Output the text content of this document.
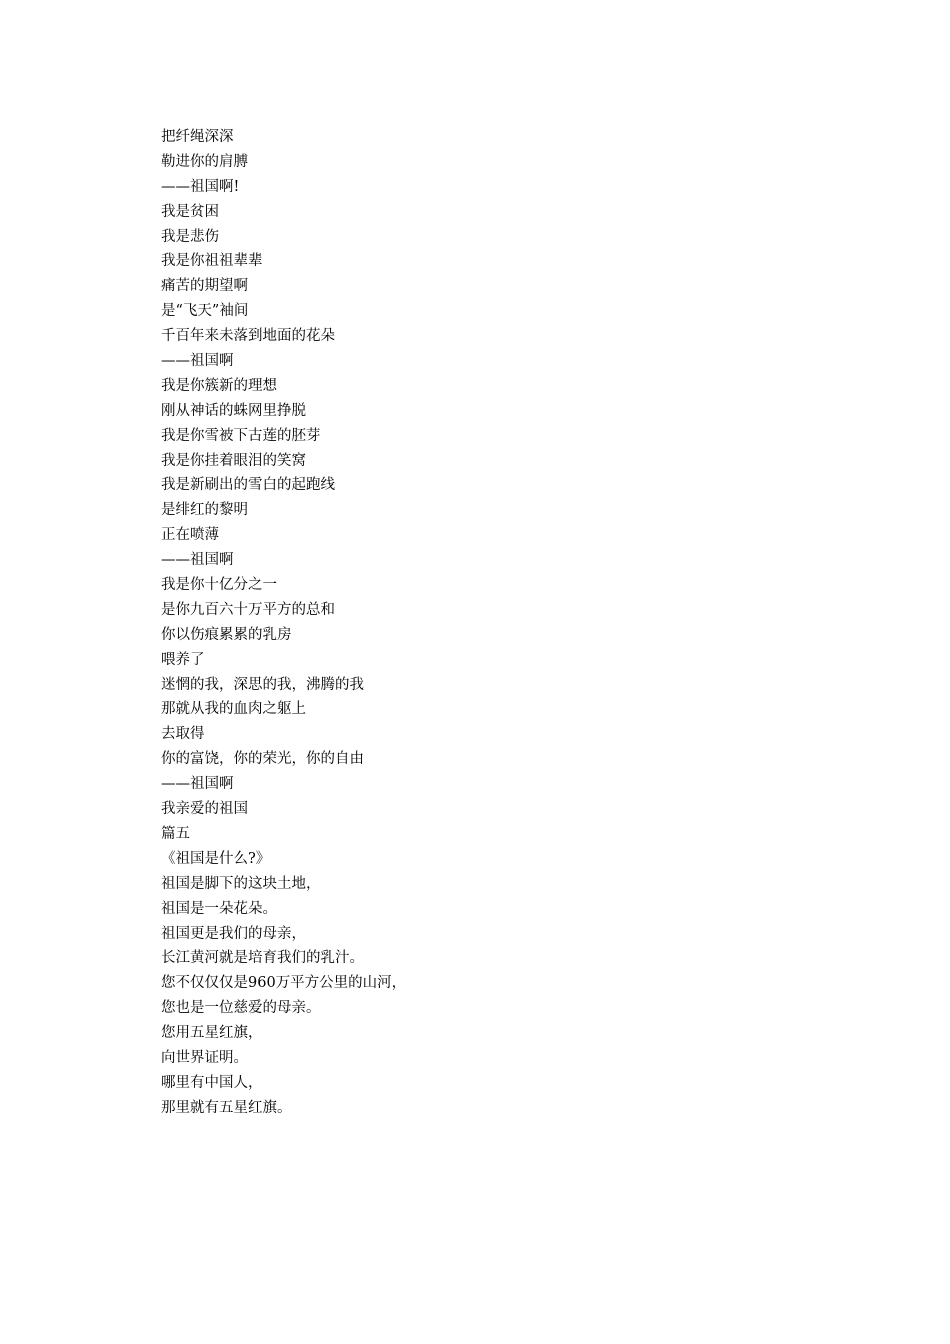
把纤绳深深
勒进你的肩膊
——祖国啊!
我是贫困
我是悲伤
我是你祖祖辈辈
痛苦的期望啊
是“飞天”袖间
千百年来未落到地面的花朵
——祖国啊
我是你簇新的理想
刚从神话的蛛网里挣脱
我是你雪被下古莲的胚芽
我是你挂着眼泪的笑窝
我是新刷出的雪白的起跑线
是绯红的黎明
正在喷薄
——祖国啊
我是你十亿分之一
是你九百六十万平方的总和
你以伤痕累累的乳房
喂养了
迷惘的我，深思的我，沸腾的我
那就从我的血肉之躯上
去取得
你的富饶，你的荣光，你的自由
——祖国啊
我亲爱的祖国
篇五
《祖国是什么?》
祖国是脚下的这块土地，
祖国是一朵花朵。
祖国更是我们的母亲，
长江黄河就是培育我们的乳汁。
您不仅仅仅是960万平方公里的山河，
您也是一位慈爱的母亲。
您用五星红旗，
向世界证明。
哪里有中国人，
那里就有五星红旗。
